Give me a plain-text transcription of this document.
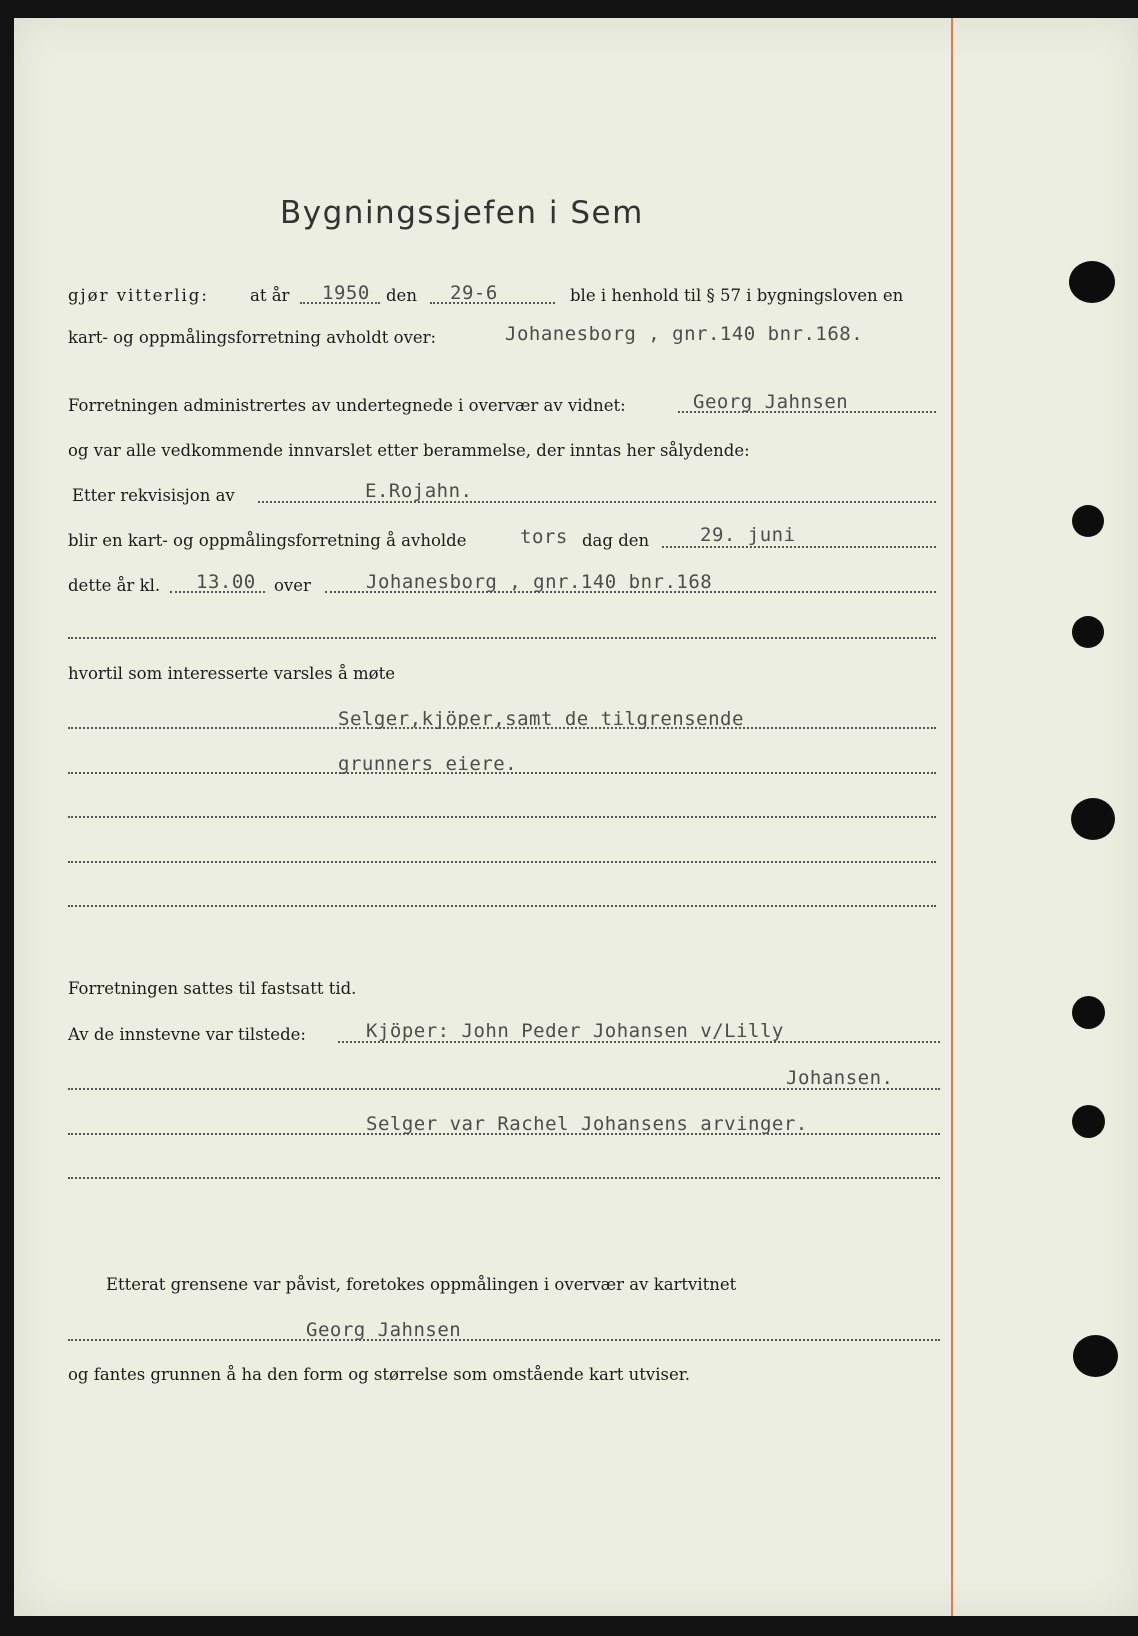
Bygningssjefen i Sem
gjør vitterlig: at år 1950 den 29-6	ble i henhold til § 57 i bygningsloven en
kart- og oppmålingsforretning avholdt over:	Johanesborg , gnr.140 bnr.168.
Forretningen administrertes av undertegnede i overvær av vidnet:	Georg Jahnsen
og var alle vedkommende innvarslet etter berammelse, der inntas her sålydende:
Etter rekvisisjon av	E.Rojahn.
blir en kart- og oppmålingsforretning å avholde	tors dag den	29. juni
dette år kl. 13.00 over	Johanesborg , gnr.140 bnr.168
hvortil som interesserte varsles å møte
Selger,kjöper,samt de tilgrensende
grunners eiere.
Forretningen sattes til fastsatt tid.
Av de innstevne var tilstede:	Kjöper: John Peder Johansen v/Lilly
Johansen.
Selger var Rachel Johansens arvinger.
Etterat grensene var påvist, foretokes oppmålingen i overvær av kartvitnet
Georg Jahnsen
og fantes grunnen å ha den form og størrelse som omstående kart utviser.
